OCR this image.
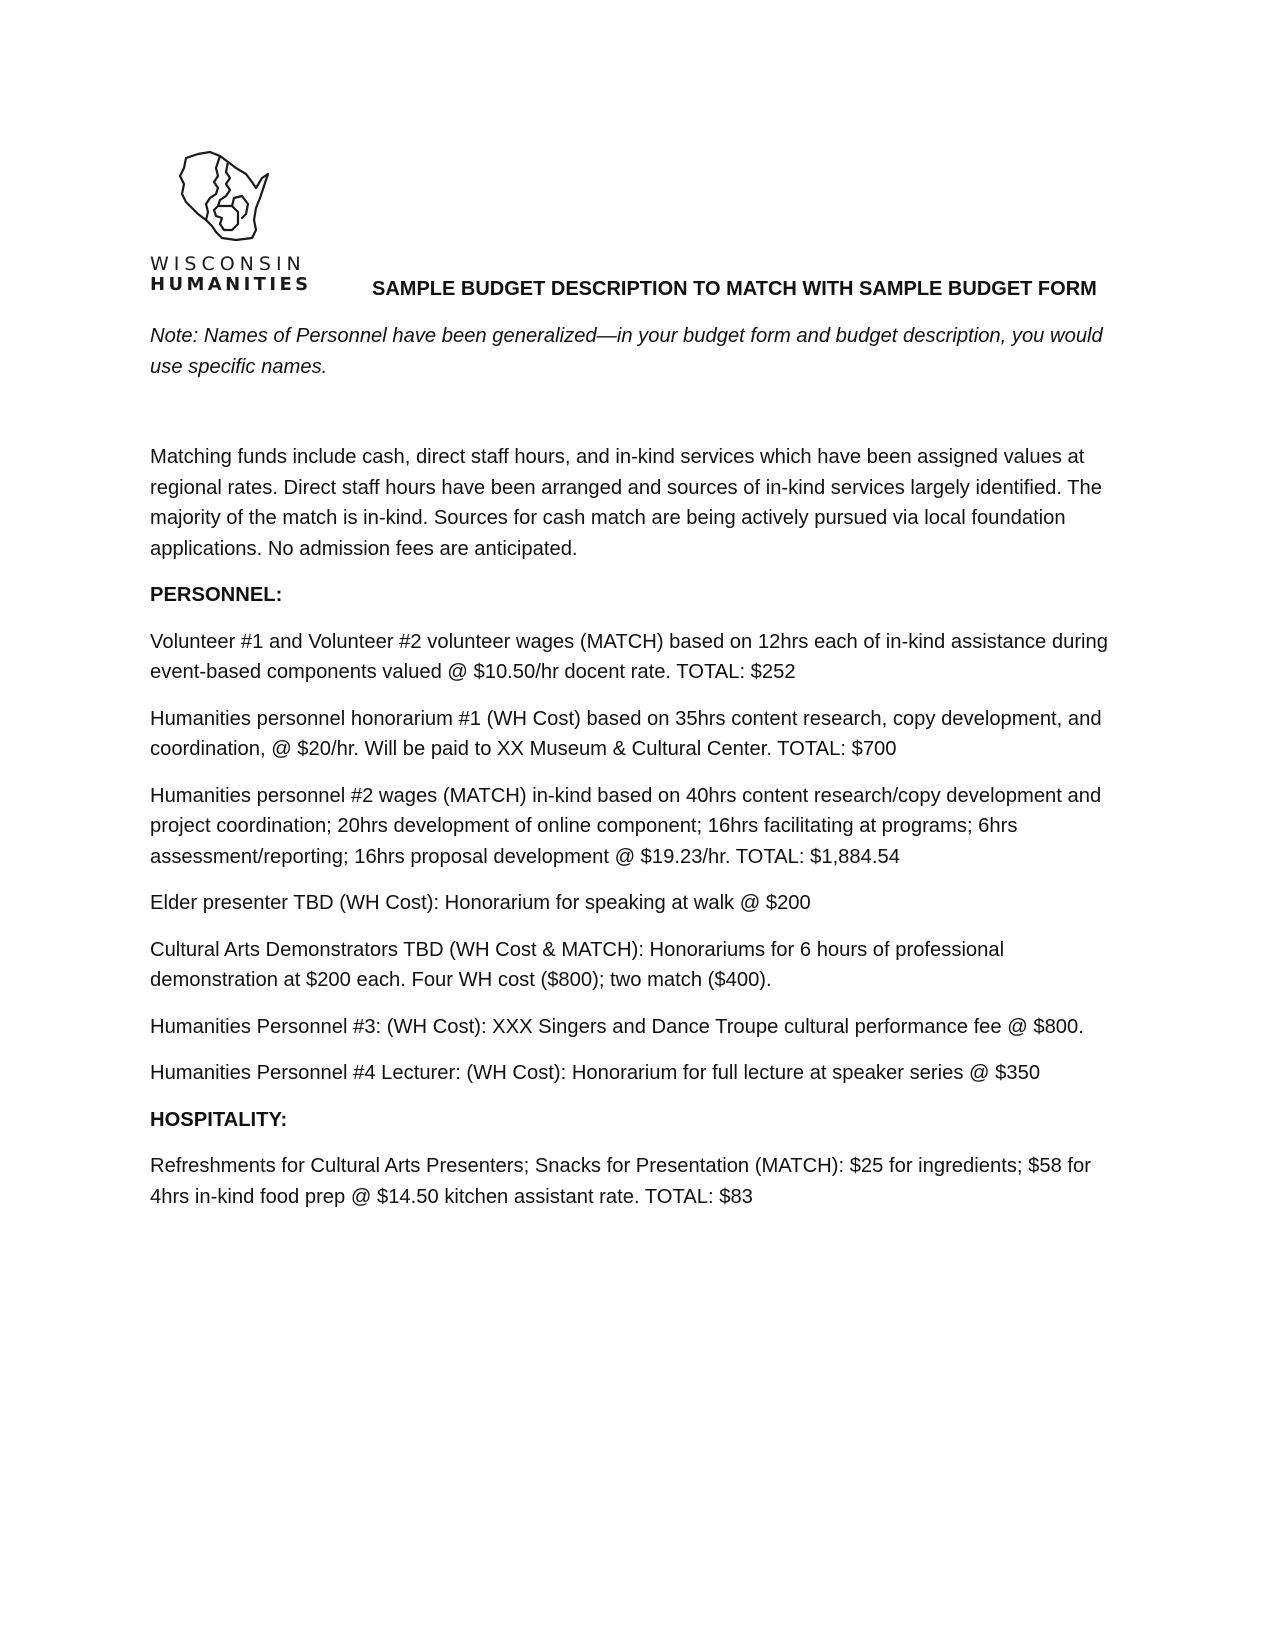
WISCONSIN
HUMANITIES	SAMPLE BUDGET DESCRIPTION TO MATCH WITH SAMPLE BUDGET FORM

Note: Names of Personnel have been generalized—in your budget form and budget description, you would use specific names.

Matching funds include cash, direct staff hours, and in-kind services which have been assigned values at regional rates. Direct staff hours have been arranged and sources of in-kind services largely identified. The majority of the match is in-kind. Sources for cash match are being actively pursued via local foundation applications. No admission fees are anticipated.

PERSONNEL:

Volunteer #1 and Volunteer #2 volunteer wages (MATCH) based on 12hrs each of in-kind assistance during event-based components valued @ $10.50/hr docent rate. TOTAL: $252

Humanities personnel honorarium #1 (WH Cost) based on 35hrs content research, copy development, and coordination, @ $20/hr. Will be paid to XX Museum & Cultural Center. TOTAL: $700

Humanities personnel #2 wages (MATCH) in-kind based on 40hrs content research/copy development and project coordination; 20hrs development of online component; 16hrs facilitating at programs; 6hrs assessment/reporting; 16hrs proposal development @ $19.23/hr. TOTAL: $1,884.54

Elder presenter TBD (WH Cost): Honorarium for speaking at walk @ $200

Cultural Arts Demonstrators TBD (WH Cost & MATCH): Honorariums for 6 hours of professional demonstration at $200 each. Four WH cost ($800); two match ($400).

Humanities Personnel #3: (WH Cost): XXX Singers and Dance Troupe cultural performance fee @ $800.

Humanities Personnel #4 Lecturer: (WH Cost): Honorarium for full lecture at speaker series @ $350

HOSPITALITY:

Refreshments for Cultural Arts Presenters; Snacks for Presentation (MATCH): $25 for ingredients; $58 for 4hrs in-kind food prep @ $14.50 kitchen assistant rate. TOTAL: $83
